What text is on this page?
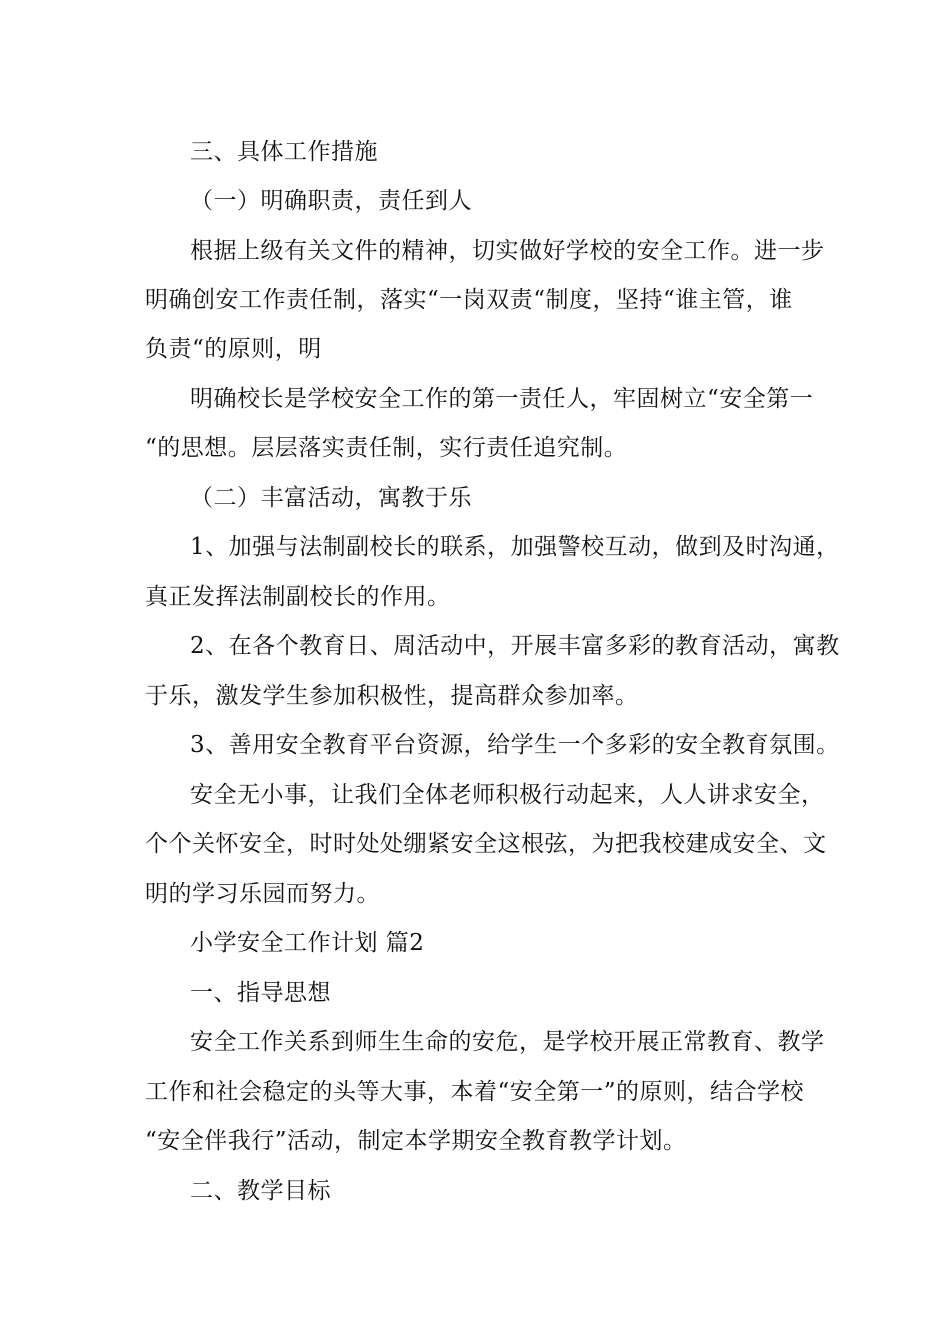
三、具体工作措施
（一）明确职责，责任到人
根据上级有关文件的精神，切实做好学校的安全工作。进一步
明确创安工作责任制，落实“一岗双责“制度，坚持“谁主管，谁
负责“的原则，明
明确校长是学校安全工作的第一责任人，牢固树立“安全第一
“的思想。层层落实责任制，实行责任追究制。
（二）丰富活动，寓教于乐
1、加强与法制副校长的联系，加强警校互动，做到及时沟通，
真正发挥法制副校长的作用。
2、在各个教育日、周活动中，开展丰富多彩的教育活动，寓教
于乐，激发学生参加积极性，提高群众参加率。
3、善用安全教育平台资源，给学生一个多彩的安全教育氛围。
安全无小事，让我们全体老师积极行动起来，人人讲求安全，
个个关怀安全，时时处处绷紧安全这根弦，为把我校建成安全、文
明的学习乐园而努力。
小学安全工作计划 篇2
一、指导思想
安全工作关系到师生生命的安危，是学校开展正常教育、教学
工作和社会稳定的头等大事，本着“安全第一”的原则，结合学校
“安全伴我行”活动，制定本学期安全教育教学计划。
二、教学目标
